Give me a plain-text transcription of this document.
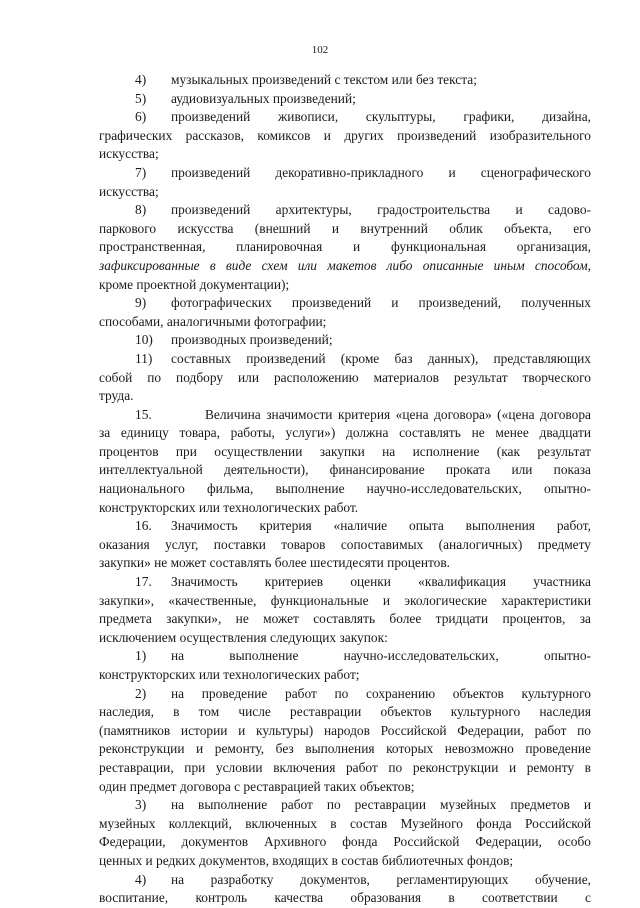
102
4) музыкальных произведений с текстом или без текста;
5) аудиовизуальных произведений;
6) произведений живописи, скульптуры, графики, дизайна,
графических рассказов, комиксов и других произведений изобразительного
искусства;
7) произведений декоративно-прикладного и сценографического
искусства;
8) произведений архитектуры, градостроительства и садово-
паркового искусства (внешний и внутренний облик объекта, его
пространственная, планировочная и функциональная организация,
зафиксированные в виде схем или макетов либо описанные иным способом,
кроме проектной документации);
9) фотографических произведений и произведений, полученных
способами, аналогичными фотографии;
10) производных произведений;
11) составных произведений (кроме баз данных), представляющих
собой по подбору или расположению материалов результат творческого
труда.
15.	Величина значимости критерия «цена договора» («цена договора
за единицу товара, работы, услуги») должна составлять не менее двадцати
процентов при осуществлении закупки на исполнение (как результат
интеллектуальной деятельности), финансирование проката или показа
национального фильма, выполнение научно-исследовательских, опытно-
конструкторских или технологических работ.
16. Значимость критерия «наличие опыта выполнения работ,
оказания услуг, поставки товаров сопоставимых (аналогичных) предмету
закупки» не может составлять более шестидесяти процентов.
17. Значимость критериев оценки «квалификация участника
закупки», «качественные, функциональные и экологические характеристики
предмета закупки», не может составлять более тридцати процентов, за
исключением осуществления следующих закупок:
1) на выполнение научно-исследовательских, опытно-
конструкторских или технологических работ;
2) на проведение работ по сохранению объектов культурного
наследия, в том числе реставрации объектов культурного наследия
(памятников истории и культуры) народов Российской Федерации, работ по
реконструкции и ремонту, без выполнения которых невозможно проведение
реставрации, при условии включения работ по реконструкции и ремонту в
один предмет договора с реставрацией таких объектов;
3) на выполнение работ по реставрации музейных предметов и
музейных коллекций, включенных в состав Музейного фонда Российской
Федерации, документов Архивного фонда Российской Федерации, особо
ценных и редких документов, входящих в состав библиотечных фондов;
4) на разработку документов, регламентирующих обучение,
воспитание, контроль качества образования в соответствии с
